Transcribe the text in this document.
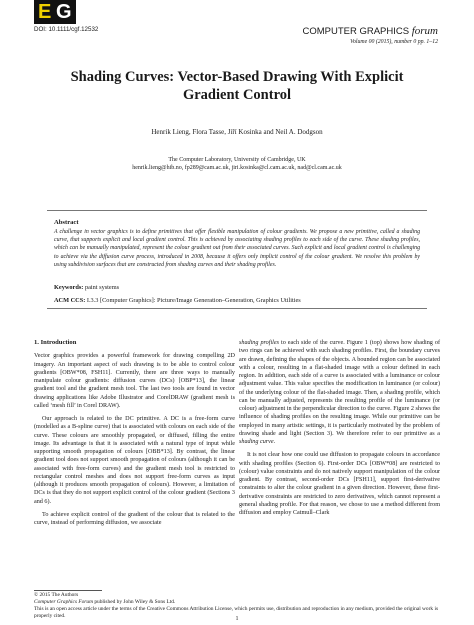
E G
DOI: 10.1111/cgf.12532	COMPUTER GRAPHICS forum
Volume 00 (2015), number 0 pp. 1–12
Shading Curves: Vector-Based Drawing With Explicit
Gradient Control
Henrik Lieng, Flora Tasse, Jiří Kosinka and Neil A. Dodgson
The Computer Laboratory, University of Cambridge, UK
henrik.lieng@hib.no, fp289@cam.ac.uk, jiri.kosinka@cl.cam.ac.uk, nad@cl.cam.ac.uk
Abstract
A challenge in vector graphics is to define primitives that offer flexible manipulation of colour gradients. We propose a new primitive, called a shading curve, that supports explicit and local gradient control. This is achieved by associating shading profiles to each side of the curve. These shading profiles, which can be manually manipulated, represent the colour gradient out from their associated curves. Such explicit and local gradient control is challenging to achieve via the diffusion curve process, introduced in 2008, because it offers only implicit control of the colour gradient. We resolve this problem by using subdivision surfaces that are constructed from shading curves and their shading profiles.
Keywords: paint systems
ACM CCS: I.3.3 [Computer Graphics]: Picture/Image Generation–Generation, Graphics Utilities
1. Introduction

Vector graphics provides a powerful framework for drawing compelling 2D imagery. An important aspect of such drawing is to be able to control colour gradients [OBW*08, FSH11]. Currently, there are three ways to manually manipulate colour gradients: diffusion curves (DCs) [OBP*13], the linear gradient tool and the gradient mesh tool. The last two tools are found in vector drawing applications like Adobe Illustrator and CorelDRAW (gradient mesh is called ‘mesh fill’ in Corel DRAW).

Our approach is related to the DC primitive. A DC is a free-form curve (modelled as a B-spline curve) that is associated with colours on each side of the curve. These colours are smoothly propagated, or diffused, filling the entire image. Its advantage is that it is associated with a natural type of input while supporting smooth propagation of colours [OBB*13]. By contrast, the linear gradient tool does not support smooth propagation of colours (although it can be associated with free-form curves) and the gradient mesh tool is restricted to rectangular control meshes and does not support free-form curves as input (although it produces smooth propagation of colours). However, a limitation of DCs is that they do not support explicit control of the colour gradient (Sections 3 and 6).

To achieve explicit control of the gradient of the colour that is related to the curve, instead of performing diffusion, we associate

shading profiles to each side of the curve. Figure 1 (top) shows how shading of two rings can be achieved with such shading profiles. First, the boundary curves are drawn, defining the shapes of the objects. A bounded region can be associated with a colour, resulting in a flat-shaded image with a colour defined in each region. In addition, each side of a curve is associated with a luminance or colour adjustment value. This value specifies the modification in luminance (or colour) of the underlying colour of the flat-shaded image. Then, a shading profile, which can be manually adjusted, represents the resulting profile of the luminance (or colour) adjustment in the perpendicular direction to the curve. Figure 2 shows the influence of shading profiles on the resulting image. While our primitive can be employed in many artistic settings, it is particularly motivated by the problem of drawing shade and light (Section 3). We therefore refer to our primitive as a shading curve.

It is not clear how one could use diffusion to propagate colours in accordance with shading profiles (Section 6). First-order DCs [OBW*08] are restricted to (colour) value constraints and do not natively support manipulation of the colour gradient. By contrast, second-order DCs [FSH11], support first-derivative constraints to alter the colour gradient in a given direction. However, these first-derivative constraints are restricted to zero derivatives, which cannot represent a general shading profile. For that reason, we chose to use a method different from diffusion and employ Catmull–Clark

© 2015 The Authors
Computer Graphics Forum published by John Wiley & Sons Ltd.
This is an open access article under the terms of the Creative Commons Attribution License, which permits use, distribution and reproduction in any medium, provided the original work is properly cited.	1
